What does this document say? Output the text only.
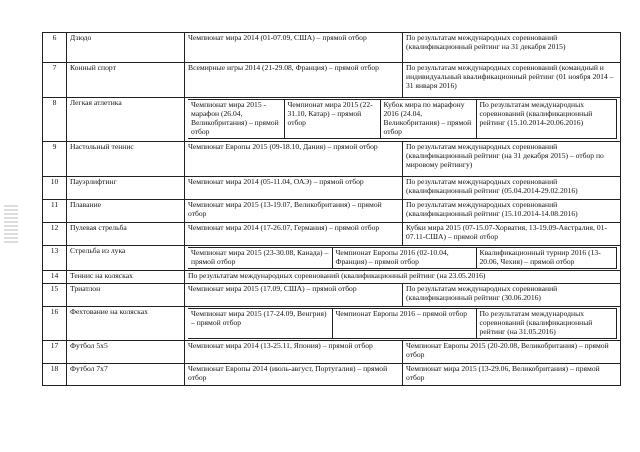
6	Дзюдо	Чемпионат мира 2014 (01-07.09, США) – прямой отбор	По результатам международных соревнований (квалификационный рейтинг на 31 декабря 2015)
7	Конный спорт	Всемирные игры 2014 (21-29.08, Франция) – прямой отбор	По результатам международных соревнований (командный и индивидуальный квалификационный рейтинг (01 ноября 2014 – 31 января 2016)
8	Легкая атлетика		Чемпионат мира 2015 - марафон (26.04, Великобритания) – прямой отбор	Чемпионат мира 2015 (22-31.10, Катар) – прямой отбор	Кубок мира по марафону 2016 (24.04, Великобритания) – прямой отбор	По результатам международных соревнований (квалификационный рейтинг (15.10.2014-20.06.2016)

9	Настольный теннис	Чемпионат Европы 2015 (09-18.10, Дания) – прямой отбор	По результатам международных соревнований (квалификационный рейтинг (на 31 декабря 2015) – отбор по мировому рейтингу)
10	Пауэрлифтинг	Чемпионат мира 2014 (05-11.04, ОАЭ) – прямой отбор	По результатам международных соревнований (квалификационный рейтинг (05.04.2014-29.02.2016)
11	Плавание	Чемпионат мира 2015 (13-19.07, Великобритания) – прямой отбор	По результатам международных соревнований (квалификационный рейтинг (15.10.2014-14.08.2016)
12	Пулевая стрельба	Чемпионат мира 2014 (17-26.07, Германия) – прямой отбор	Кубки мира 2015 (07-15.07-Хорватия, 13-19.09-Австралия, 01-07.11-США) – прямой отбор
13	Стрельба из лука		Чемпионат мира 2015 (23-30.08, Канада) – прямой отбор	Чемпионат Европы 2016 (02-10.04, Франция) – прямой отбор	Квалификационный турнир 2016 (13-20.06, Чехия) – прямой отбор

14	Теннис на колясках	По результатам международных соревнований (квалификационный рейтинг (на 23.05.2016)
15	Триатлон	Чемпионат мира 2015 (17.09, США) – прямой отбор	По результатам международных соревнований (квалификационный рейтинг (30.06.2016)
16	Фехтование на колясках		Чемпионат мира 2015 (17-24.09, Венгрия) – прямой отбор	Чемпионат Европы 2016 – прямой отбор	По результатам международных соревнований (квалификационный рейтинг (на 31.05.2016)

17	Футбол 5x5	Чемпионат мира 2014 (13-25.11, Япония) – прямой отбор	Чемпионат Европы 2015 (20-20.08, Великобритания) – прямой отбор
18	Футбол 7x7	Чемпионат Европы 2014 (июль-август, Португалия) – прямой отбор	Чемпионат мира 2015 (13-29.06, Великобритания) – прямой отбор
